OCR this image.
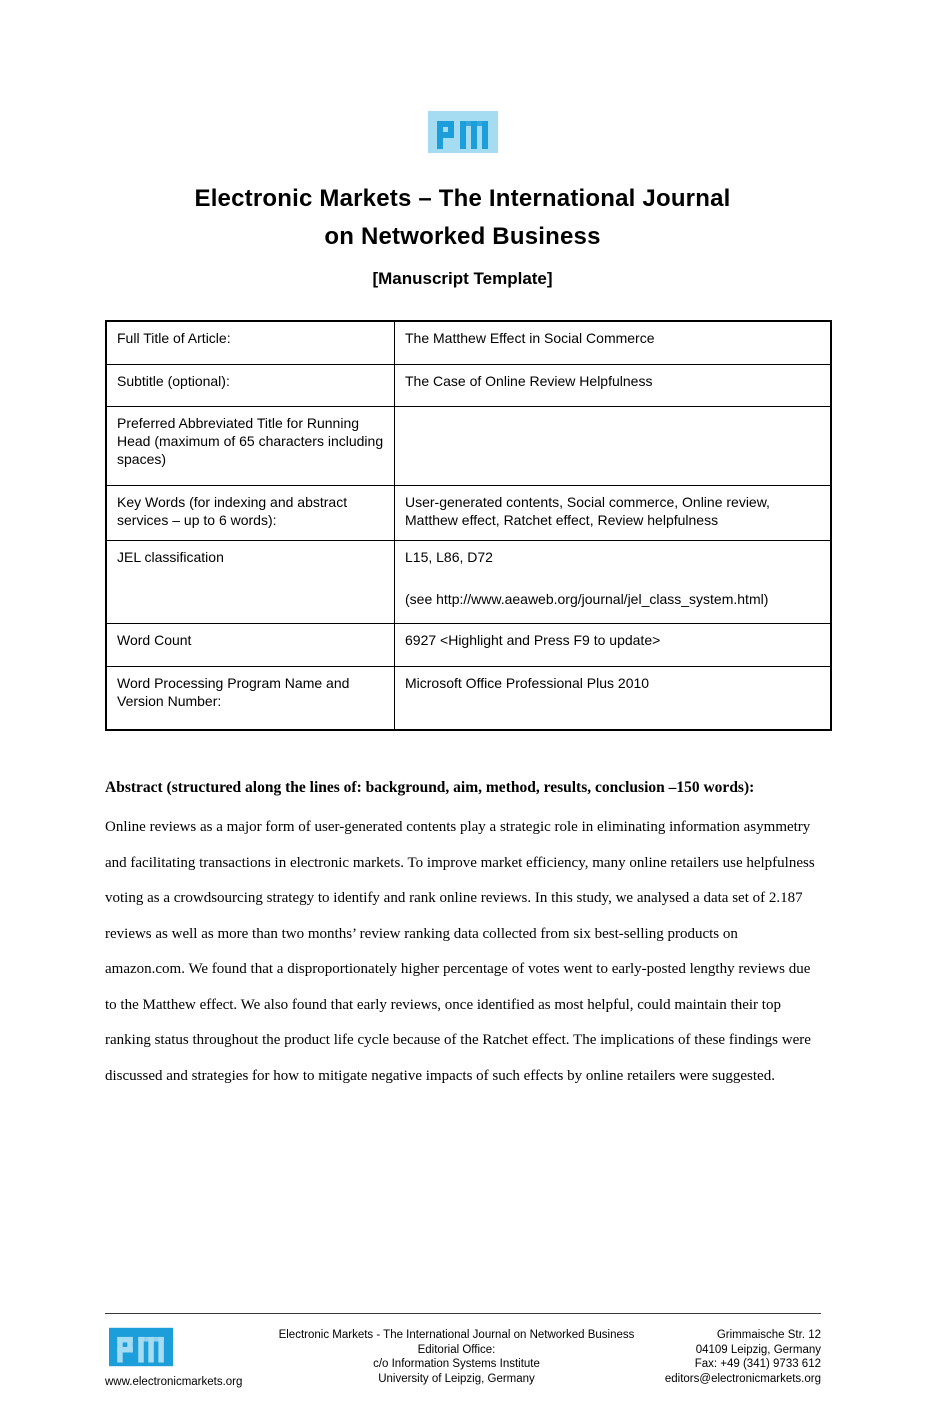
Electronic Markets – The International Journal
on Networked Business
[Manuscript Template]
Full Title of Article:	The Matthew Effect in Social Commerce

Subtitle (optional):	The Case of Online Review Helpfulness

Preferred Abbreviated Title for Running Head (maximum of 65 characters including spaces)	

Key Words (for indexing and abstract services – up to 6 words):	User-generated contents, Social commerce, Online review, Matthew effect, Ratchet effect, Review helpfulness

JEL classification	L15, L86, D72

(see http://www.aeaweb.org/journal/jel_class_system.html)

Word Count	6927 <Highlight and Press F9 to update>

Word Processing Program Name and Version Number:	Microsoft Office Professional Plus 2010

Abstract (structured along the lines of: background, aim, method, results, conclusion –150 words):

Online reviews as a major form of user-generated contents play a strategic role in eliminating information asymmetry and facilitating transactions in electronic markets. To improve market efficiency, many online retailers use helpfulness voting as a crowdsourcing strategy to identify and rank online reviews. In this study, we analysed a data set of 2.187 reviews as well as more than two months’ review ranking data collected from six best-selling products on amazon.com. We found that a disproportionately higher percentage of votes went to early-posted lengthy reviews due to the Matthew effect. We also found that early reviews, once identified as most helpful, could maintain their top ranking status throughout the product life cycle because of the Ratchet effect. The implications of these findings were discussed and strategies for how to mitigate negative impacts of such effects by online retailers were suggested.

www.electronicmarkets.org
Electronic Markets - The International Journal on Networked Business
Editorial Office:
c/o Information Systems Institute
University of Leipzig, Germany
Grimmaische Str. 12
04109 Leipzig, Germany
Fax: +49 (341) 9733 612
editors@electronicmarkets.org
